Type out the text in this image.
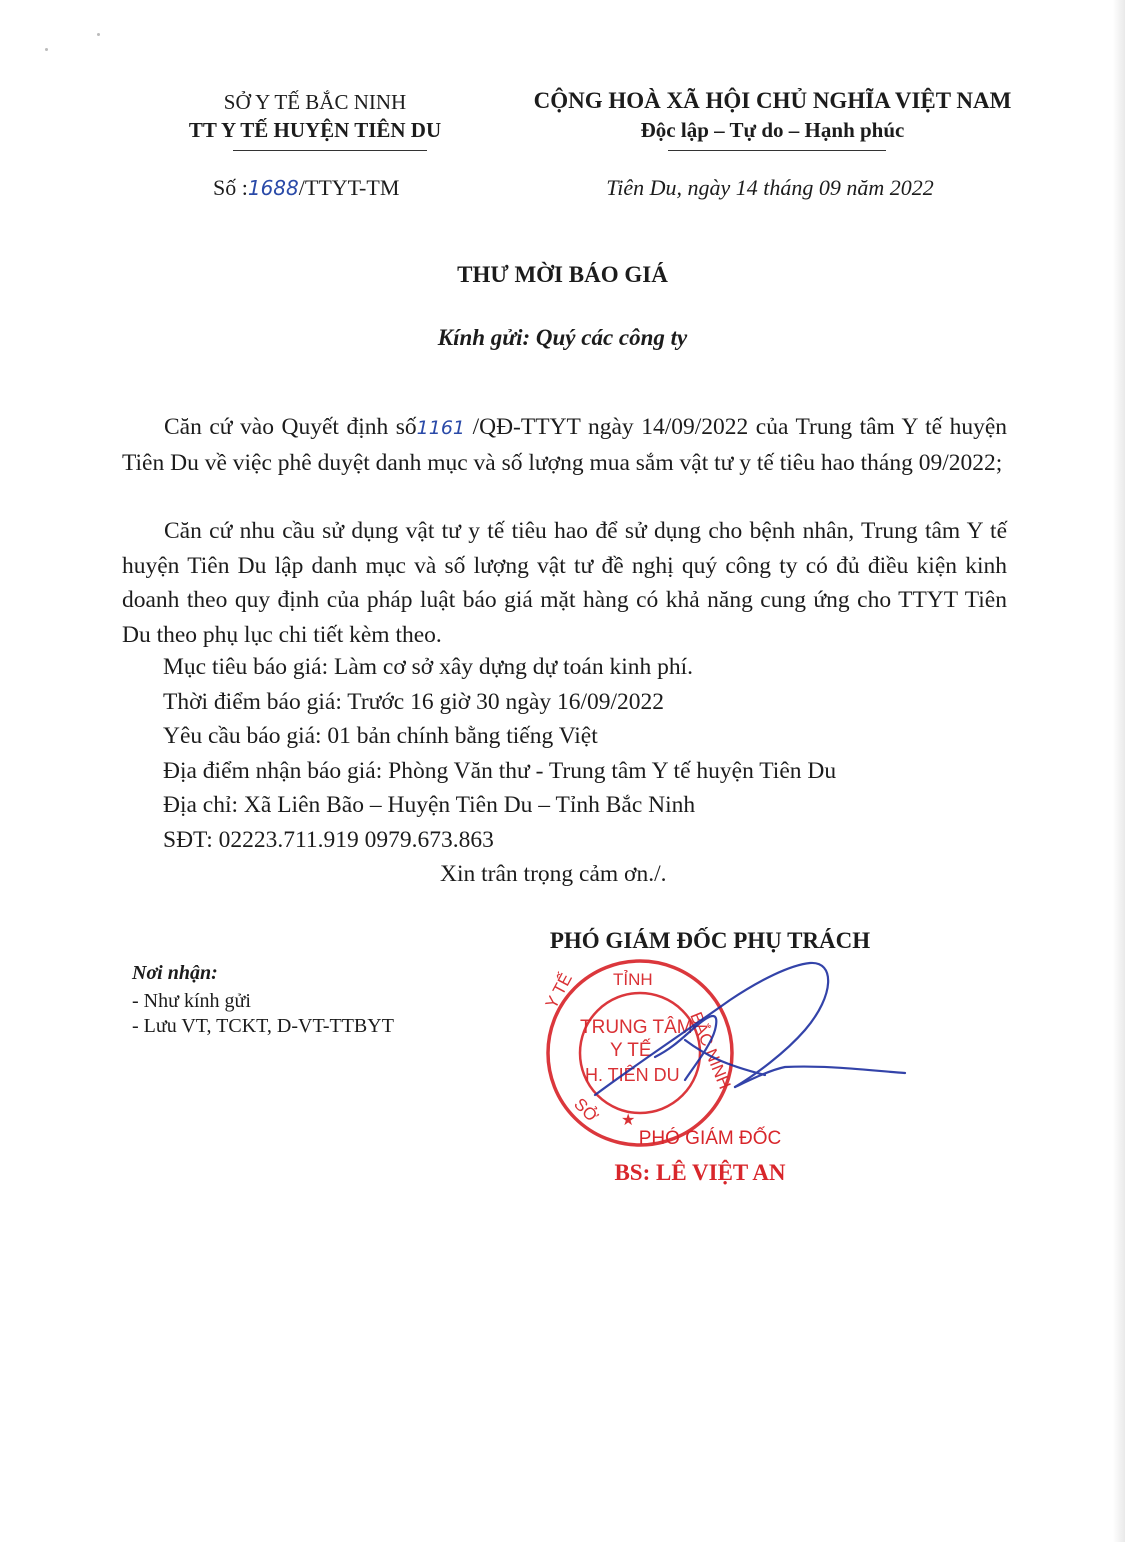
SỞ Y TẾ BẮC NINH
TT Y TẾ HUYỆN TIÊN DU
CỘNG HOÀ XÃ HỘI CHỦ NGHĨA VIỆT NAM
Độc lập – Tự do – Hạnh phúc
Số :1688/TTYT-TM	Tiên Du, ngày 14 tháng 09 năm 2022
THƯ MỜI BÁO GIÁ
Kính gửi: Quý các công ty

Căn cứ vào Quyết định số1161 /QĐ-TTYT ngày 14/09/2022 của Trung tâm Y tế huyện Tiên Du về việc phê duyệt danh mục và số lượng mua sắm vật tư y tế tiêu hao tháng 09/2022;

Căn cứ nhu cầu sử dụng vật tư y tế tiêu hao để sử dụng cho bệnh nhân, Trung tâm Y tế huyện Tiên Du lập danh mục và số lượng vật tư đề nghị quý công ty có đủ điều kiện kinh doanh theo quy định của pháp luật báo giá mặt hàng có khả năng cung ứng cho TTYT Tiên Du theo phụ lục chi tiết kèm theo.

Mục tiêu báo giá: Làm cơ sở xây dựng dự toán kinh phí.
Thời điểm báo giá: Trước 16 giờ 30 ngày 16/09/2022
Yêu cầu báo giá: 01 bản chính bằng tiếng Việt
Địa điểm nhận báo giá: Phòng Văn thư - Trung tâm Y tế huyện Tiên Du
Địa chỉ: Xã Liên Bão – Huyện Tiên Du – Tỉnh Bắc Ninh
SĐT: 02223.711.919 0979.673.863
Xin trân trọng cảm ơn./.
PHÓ GIÁM ĐỐC PHỤ TRÁCH
TỈNH
BẮC NINH
Y TẾ
SỞ
TRUNG TÂM
Y TẾ
H. TIÊN DU
★
PHÓ GIÁM ĐỐC
BS: LÊ VIỆT AN
Nơi nhận:
- Như kính gửi
- Lưu VT, TCKT, D-VT-TTBYT
